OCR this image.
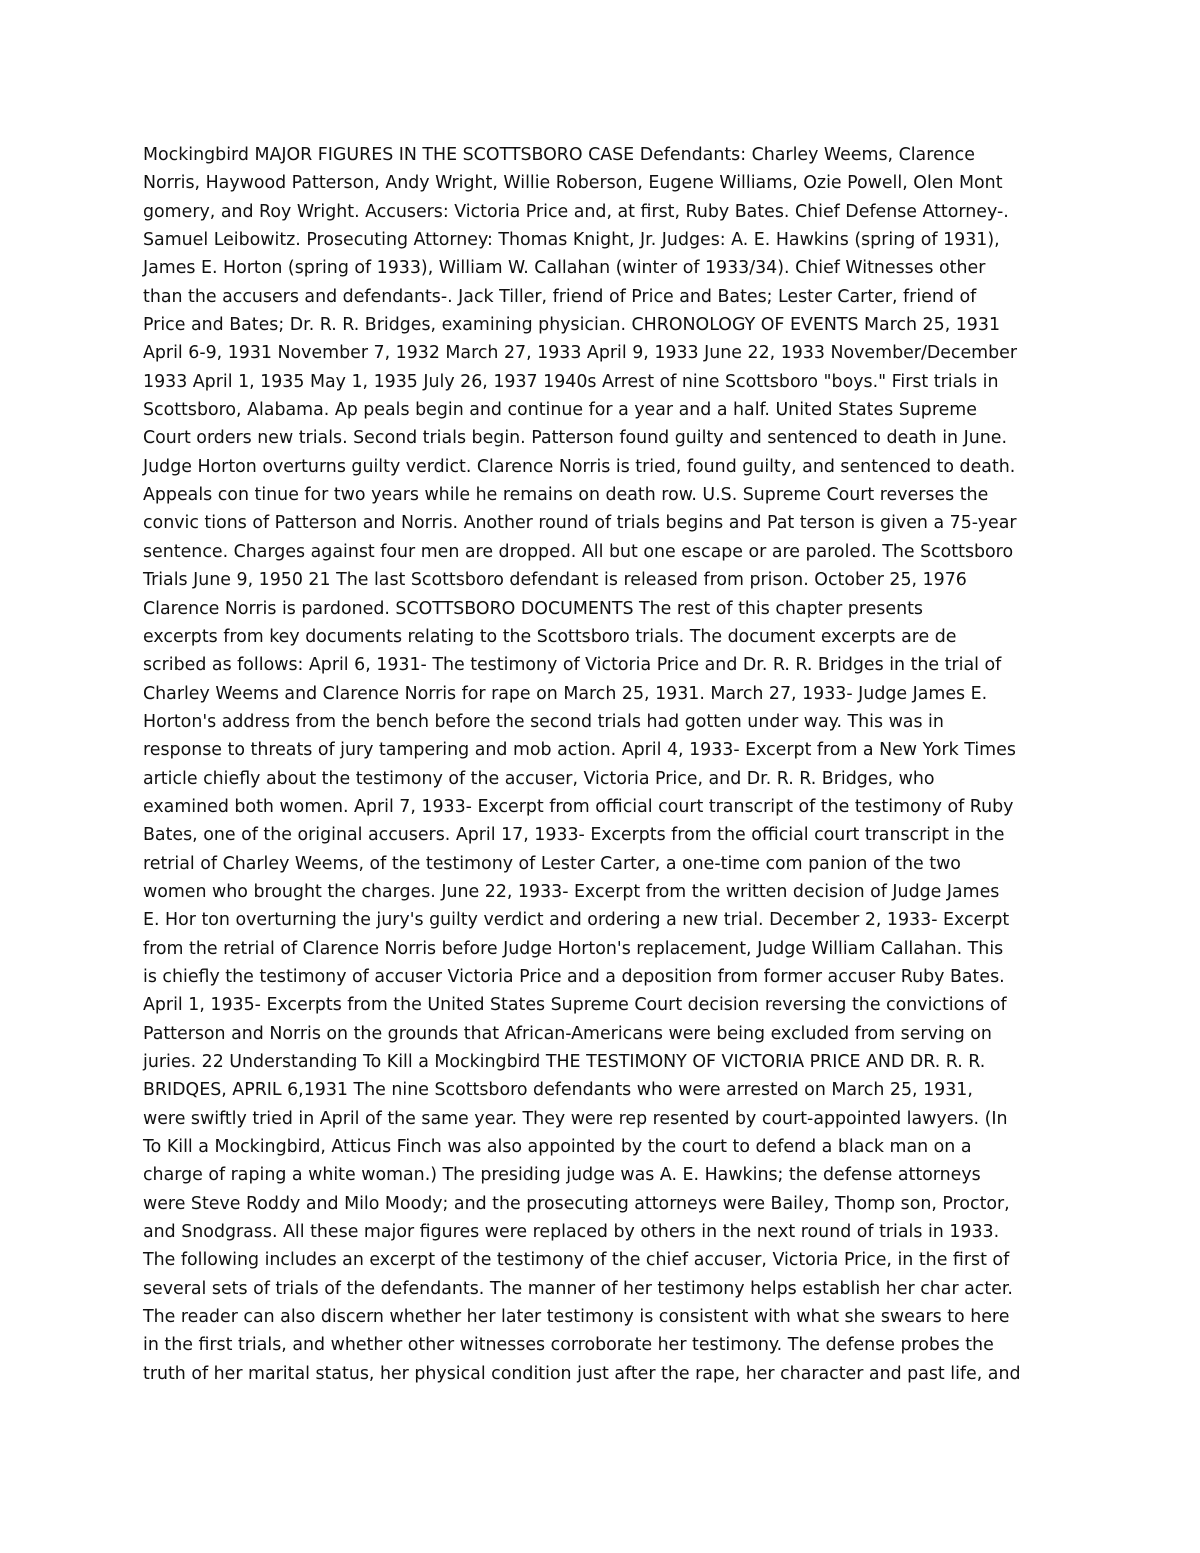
Mockingbird MAJOR FIGURES IN THE SCOTTSBORO CASE Defendants: Charley Weems, Clarence
Norris, Haywood Patterson, Andy Wright, Willie Roberson, Eugene Williams, Ozie Powell, Olen Mont
gomery, and Roy Wright. Accusers: Victoria Price and, at first, Ruby Bates. Chief Defense Attorney-.
Samuel Leibowitz. Prosecuting Attorney: Thomas Knight, Jr. Judges: A. E. Hawkins (spring of 1931),
James E. Horton (spring of 1933), William W. Callahan (winter of 1933/34). Chief Witnesses other
than the accusers and defendants-. Jack Tiller, friend of Price and Bates; Lester Carter, friend of
Price and Bates; Dr. R. R. Bridges, examining physician. CHRONOLOGY OF EVENTS March 25, 1931
April 6-9, 1931 November 7, 1932 March 27, 1933 April 9, 1933 June 22, 1933 November/December
1933 April 1, 1935 May 1, 1935 July 26, 1937 1940s Arrest of nine Scottsboro "boys." First trials in
Scottsboro, Alabama. Ap peals begin and continue for a year and a half. United States Supreme
Court orders new trials. Second trials begin. Patterson found guilty and sentenced to death in June.
Judge Horton overturns guilty verdict. Clarence Norris is tried, found guilty, and sentenced to death.
Appeals con tinue for two years while he remains on death row. U.S. Supreme Court reverses the
convic tions of Patterson and Norris. Another round of trials begins and Pat terson is given a 75-year
sentence. Charges against four men are dropped. All but one escape or are paroled. The Scottsboro
Trials June 9, 1950 21 The last Scottsboro defendant is released from prison. October 25, 1976
Clarence Norris is pardoned. SCOTTSBORO DOCUMENTS The rest of this chapter presents
excerpts from key documents relating to the Scottsboro trials. The document excerpts are de
scribed as follows: April 6, 1931- The testimony of Victoria Price and Dr. R. R. Bridges in the trial of
Charley Weems and Clarence Norris for rape on March 25, 1931. March 27, 1933- Judge James E.
Horton's address from the bench before the second trials had gotten under way. This was in
response to threats of jury tampering and mob action. April 4, 1933- Excerpt from a New York Times
article chiefly about the testimony of the accuser, Victoria Price, and Dr. R. R. Bridges, who
examined both women. April 7, 1933- Excerpt from official court transcript of the testimony of Ruby
Bates, one of the original accusers. April 17, 1933- Excerpts from the official court transcript in the
retrial of Charley Weems, of the testimony of Lester Carter, a one-time com panion of the two
women who brought the charges. June 22, 1933- Excerpt from the written decision of Judge James
E. Hor ton overturning the jury's guilty verdict and ordering a new trial. December 2, 1933- Excerpt
from the retrial of Clarence Norris before Judge Horton's replacement, Judge William Callahan. This
is chiefly the testimony of accuser Victoria Price and a deposition from former accuser Ruby Bates.
April 1, 1935- Excerpts from the United States Supreme Court decision reversing the convictions of
Patterson and Norris on the grounds that African-Americans were being excluded from serving on
juries. 22 Understanding To Kill a Mockingbird THE TESTIMONY OF VICTORIA PRICE AND DR. R. R.
BRIDQES, APRIL 6,1931 The nine Scottsboro defendants who were arrested on March 25, 1931,
were swiftly tried in April of the same year. They were rep resented by court-appointed lawyers. (In
To Kill a Mockingbird, Atticus Finch was also appointed by the court to defend a black man on a
charge of raping a white woman.) The presiding judge was A. E. Hawkins; the defense attorneys
were Steve Roddy and Milo Moody; and the prosecuting attorneys were Bailey, Thomp son, Proctor,
and Snodgrass. All these major figures were replaced by others in the next round of trials in 1933.
The following includes an excerpt of the testimony of the chief accuser, Victoria Price, in the first of
several sets of trials of the defendants. The manner of her testimony helps establish her char acter.
The reader can also discern whether her later testimony is consistent with what she swears to here
in the first trials, and whether other witnesses corroborate her testimony. The defense probes the
truth of her marital status, her physical condition just after the rape, her character and past life, and
